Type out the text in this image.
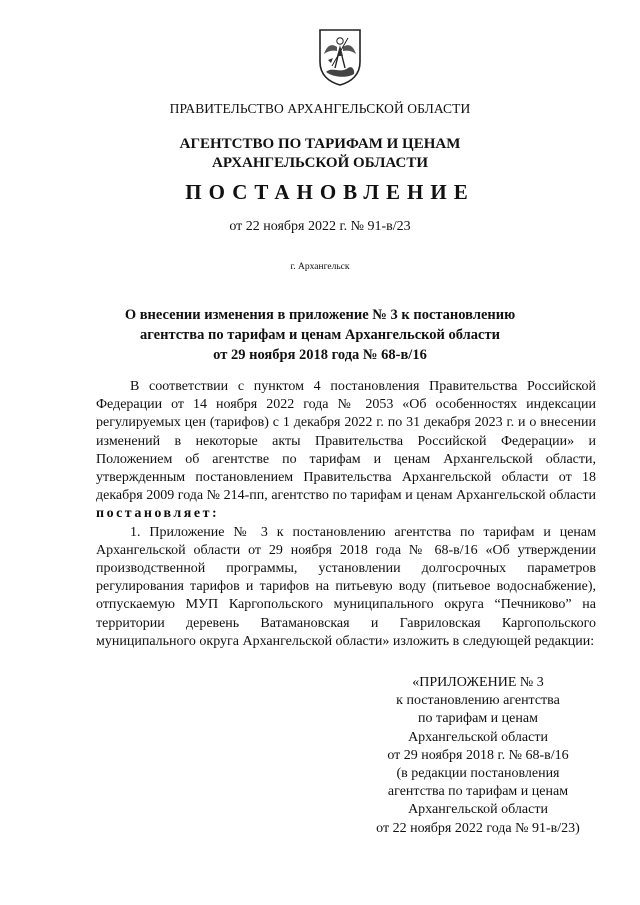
ПРАВИТЕЛЬСТВО АРХАНГЕЛЬСКОЙ ОБЛАСТИ
АГЕНТСТВО ПО ТАРИФАМ И ЦЕНАМ
АРХАНГЕЛЬСКОЙ ОБЛАСТИ
ПОСТАНОВЛЕНИЕ
от 22 ноября 2022 г. № 91-в/23
г. Архангельск
О внесении изменения в приложение № 3 к постановлению
агентства по тарифам и ценам Архангельской области
от 29 ноября 2018 года № 68-в/16

В соответствии с пунктом 4 постановления Правительства Российской Федерации от 14 ноября 2022 года № 2053 «Об особенностях индексации регулируемых цен (тарифов) с 1 декабря 2022 г. по 31 декабря 2023 г. и о внесении изменений в некоторые акты Правительства Российской Федерации» и Положением об агентстве по тарифам и ценам Архангельской области, утвержденным постановлением Правительства Архангельской области от 18 декабря 2009 года № 214-пп, агентство по тарифам и ценам Архангельской области постановляет:

1. Приложение № 3 к постановлению агентства по тарифам и ценам Архангельской области от 29 ноября 2018 года № 68-в/16 «Об утверждении производственной программы, установлении долгосрочных параметров регулирования тарифов и тарифов на питьевую воду (питьевое водоснабжение), отпускаемую МУП Каргопольского муниципального округа “Печниково” на территории деревень Ватамановская и Гавриловская Каргопольского муниципального округа Архангельской области» изложить в следующей редакции:

«ПРИЛОЖЕНИЕ № 3
к постановлению агентства
по тарифам и ценам
Архангельской области
от 29 ноября 2018 г. № 68-в/16
(в редакции постановления
агентства по тарифам и ценам
Архангельской области
от 22 ноября 2022 года № 91-в/23)
